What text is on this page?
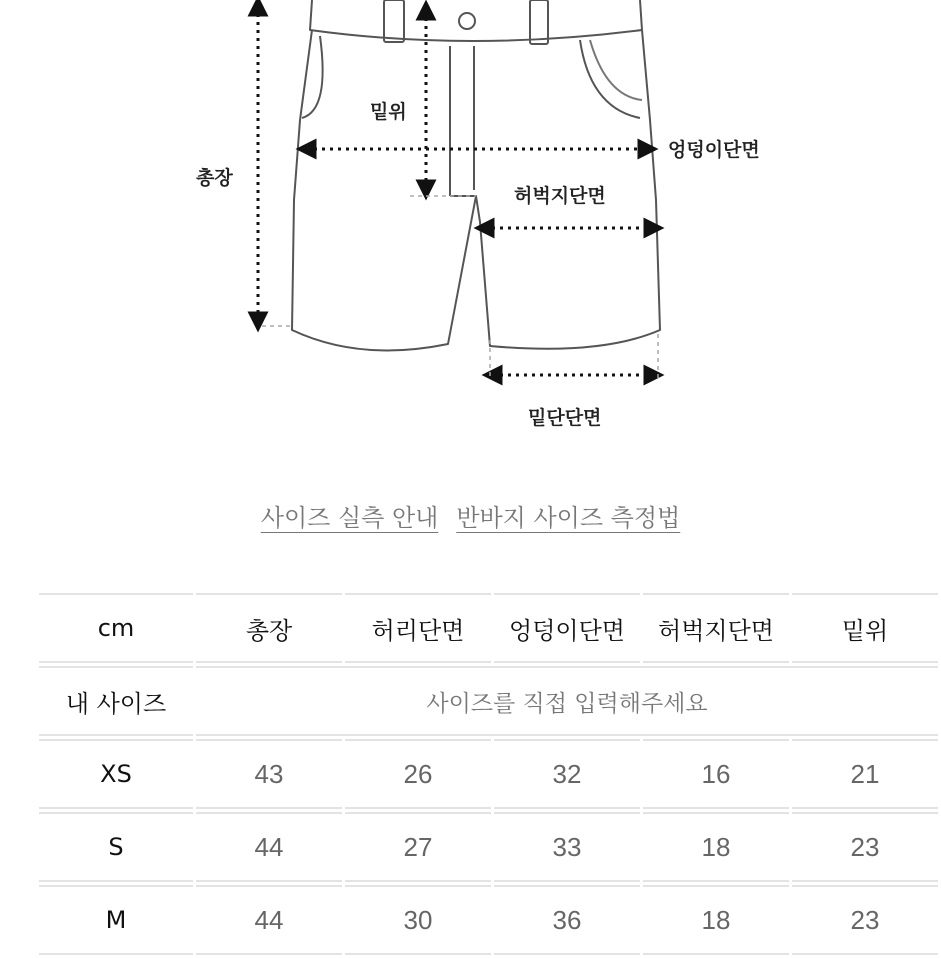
밑위
엉덩이단면
총장
허벅지단면
밑단단면
사이즈 실측 안내 반바지 사이즈 측정법
cm	총장	허리단면	엉덩이단면	허벅지단면	밑위
내 사이즈	사이즈를 직접 입력해주세요				
XS	43	26	32	16	21
S	44	27	33	18	23
M	44	30	36	18	23
